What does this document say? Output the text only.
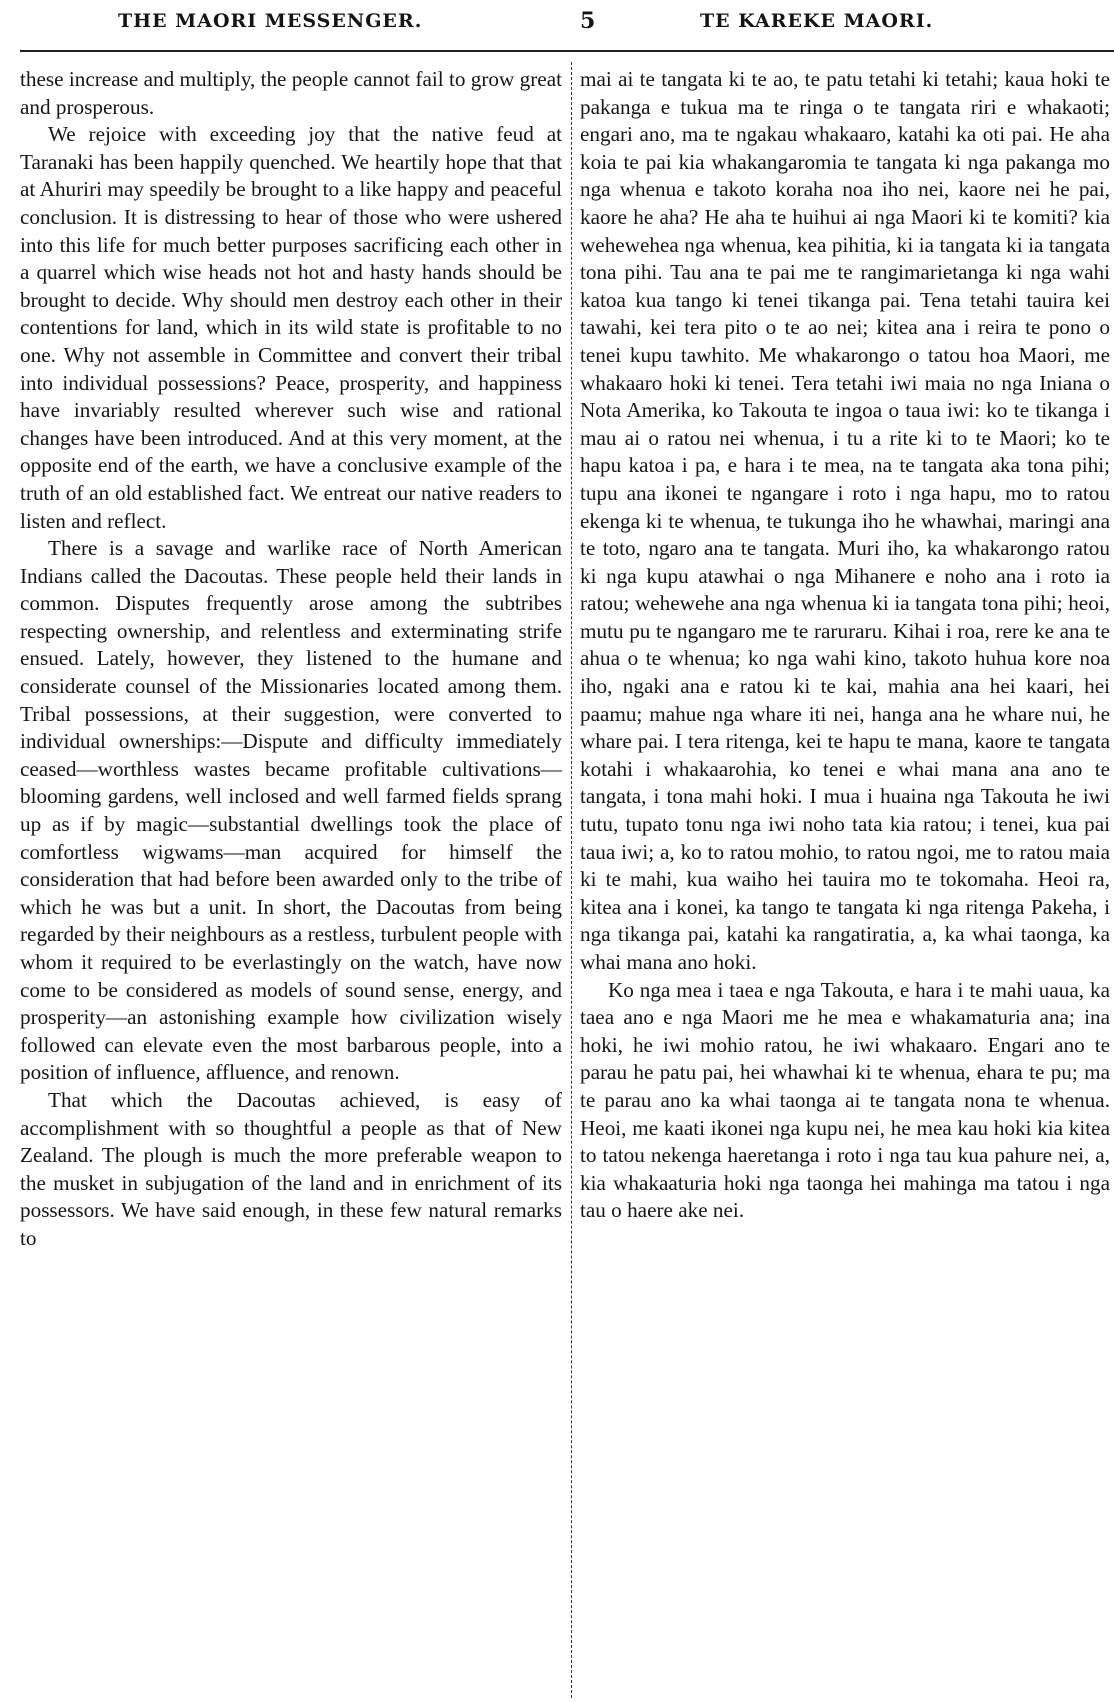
THE MAORI MESSENGER.	5	TE KAREKE MAORI.

these increase and multiply, the people cannot fail to grow great and prosperous.

We rejoice with exceeding joy that the native feud at Taranaki has been happily quenched. We heartily hope that that at Ahuriri may speedily be brought to a like happy and peaceful conclusion. It is distressing to hear of those who were ushered into this life for much better purposes sacrificing each other in a quarrel which wise heads not hot and hasty hands should be brought to decide. Why should men destroy each other in their contentions for land, which in its wild state is profitable to no one. Why not assemble in Committee and convert their tribal into individual possessions? Peace, prosperity, and happiness have invariably resulted wherever such wise and rational changes have been introduced. And at this very moment, at the opposite end of the earth, we have a conclusive example of the truth of an old established fact. We entreat our native readers to listen and reflect.

There is a savage and warlike race of North American Indians called the Dacoutas. These people held their lands in common. Disputes frequently arose among the subtribes respecting ownership, and relentless and exterminating strife ensued. Lately, however, they listened to the humane and considerate counsel of the Missionaries located among them. Tribal possessions, at their suggestion, were converted to individual ownerships:—Dispute and difficulty immediately ceased—worthless wastes became profitable cultivations—blooming gardens, well inclosed and well farmed fields sprang up as if by magic—substantial dwellings took the place of comfortless wigwams—man acquired for himself the consideration that had before been awarded only to the tribe of which he was but a unit. In short, the Dacoutas from being regarded by their neighbours as a restless, turbulent people with whom it required to be everlastingly on the watch, have now come to be considered as models of sound sense, energy, and prosperity—an astonishing example how civilization wisely followed can elevate even the most barbarous people, into a position of influence, affluence, and renown.

That which the Dacoutas achieved, is easy of accomplishment with so thoughtful a people as that of New Zealand. The plough is much the more preferable weapon to the musket in subjugation of the land and in enrichment of its possessors. We have said enough, in these few natural remarks to

mai ai te tangata ki te ao, te patu tetahi ki tetahi; kaua hoki te pakanga e tukua ma te ringa o te tangata riri e whakaoti; engari ano, ma te ngakau whakaaro, katahi ka oti pai. He aha koia te pai kia whakangaromia te tangata ki nga pakanga mo nga whenua e takoto koraha noa iho nei, kaore nei he pai, kaore he aha? He aha te huihui ai nga Maori ki te komiti? kia wehewehea nga whenua, kea pihitia, ki ia tangata ki ia tangata tona pihi. Tau ana te pai me te rangimarietanga ki nga wahi katoa kua tango ki tenei tikanga pai. Tena tetahi tauira kei tawahi, kei tera pito o te ao nei; kitea ana i reira te pono o tenei kupu tawhito. Me whakarongo o tatou hoa Maori, me whakaaro hoki ki tenei. Tera tetahi iwi maia no nga Iniana o Nota Amerika, ko Takouta te ingoa o taua iwi: ko te tikanga i mau ai o ratou nei whenua, i tu a rite ki to te Maori; ko te hapu katoa i pa, e hara i te mea, na te tangata aka tona pihi; tupu ana ikonei te ngangare i roto i nga hapu, mo to ratou ekenga ki te whenua, te tukunga iho he whawhai, maringi ana te toto, ngaro ana te tangata. Muri iho, ka whakarongo ratou ki nga kupu atawhai o nga Mihanere e noho ana i roto ia ratou; wehewehe ana nga whenua ki ia tangata tona pihi; heoi, mutu pu te ngangaro me te raruraru. Kihai i roa, rere ke ana te ahua o te whenua; ko nga wahi kino, takoto huhua kore noa iho, ngaki ana e ratou ki te kai, mahia ana hei kaari, hei paamu; mahue nga whare iti nei, hanga ana he whare nui, he whare pai. I tera ritenga, kei te hapu te mana, kaore te tangata kotahi i whakaarohia, ko tenei e whai mana ana ano te tangata, i tona mahi hoki. I mua i huaina nga Takouta he iwi tutu, tupato tonu nga iwi noho tata kia ratou; i tenei, kua pai taua iwi; a, ko to ratou mohio, to ratou ngoi, me to ratou maia ki te mahi, kua waiho hei tauira mo te tokomaha. Heoi ra, kitea ana i konei, ka tango te tangata ki nga ritenga Pakeha, i nga tikanga pai, katahi ka rangatiratia, a, ka whai taonga, ka whai mana ano hoki.

Ko nga mea i taea e nga Takouta, e hara i te mahi uaua, ka taea ano e nga Maori me he mea e whakamaturia ana; ina hoki, he iwi mohio ratou, he iwi whakaaro. Engari ano te parau he patu pai, hei whawhai ki te whenua, ehara te pu; ma te parau ano ka whai taonga ai te tangata nona te whenua. Heoi, me kaati ikonei nga kupu nei, he mea kau hoki kia kitea to tatou nekenga haeretanga i roto i nga tau kua pahure nei, a, kia whakaaturia hoki nga taonga hei mahinga ma tatou i nga tau o haere ake nei.
